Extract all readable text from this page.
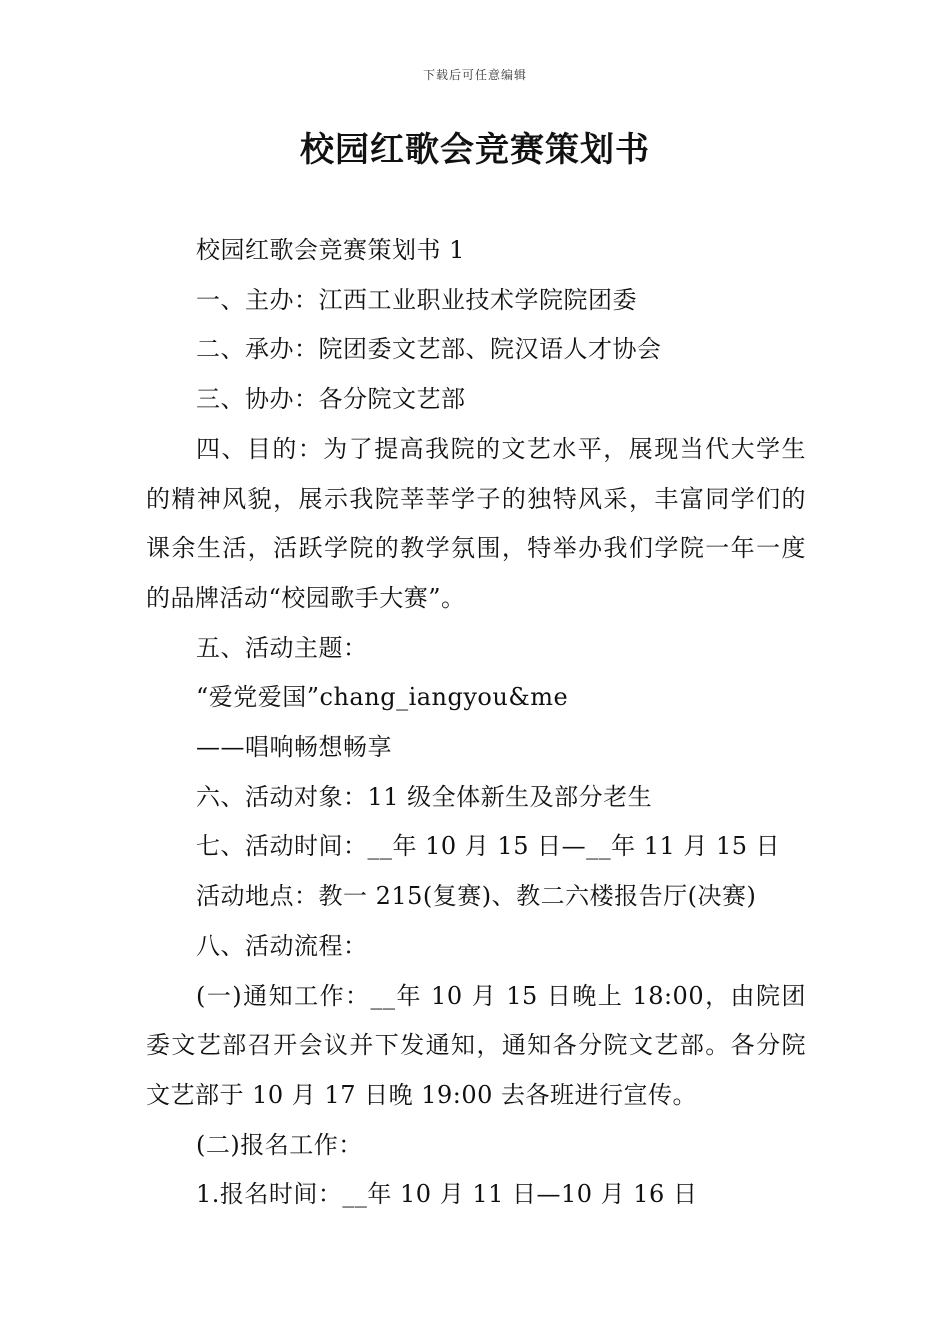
下载后可任意编辑
校园红歌会竞赛策划书

校园红歌会竞赛策划书 1

一、主办：江西工业职业技术学院院团委

二、承办：院团委文艺部、院汉语人才协会

三、协办：各分院文艺部

四、目的：为了提高我院的文艺水平，展现当代大学生的精神风貌，展示我院莘莘学子的独特风采，丰富同学们的课余生活，活跃学院的教学氛围，特举办我们学院一年一度的品牌活动“校园歌手大赛”。

五、活动主题：

“爱党爱国”chang_iangyou&me

——唱响畅想畅享

六、活动对象：11 级全体新生及部分老生

七、活动时间：__年 10 月 15 日—__年 11 月 15 日

活动地点：教一 215(复赛)、教二六楼报告厅(决赛)

八、活动流程：

(一)通知工作：__年 10 月 15 日晚上 18:00，由院团委文艺部召开会议并下发通知，通知各分院文艺部。各分院文艺部于 10 月 17 日晚 19:00 去各班进行宣传。

(二)报名工作：

1.报名时间：__年 10 月 11 日—10 月 16 日
